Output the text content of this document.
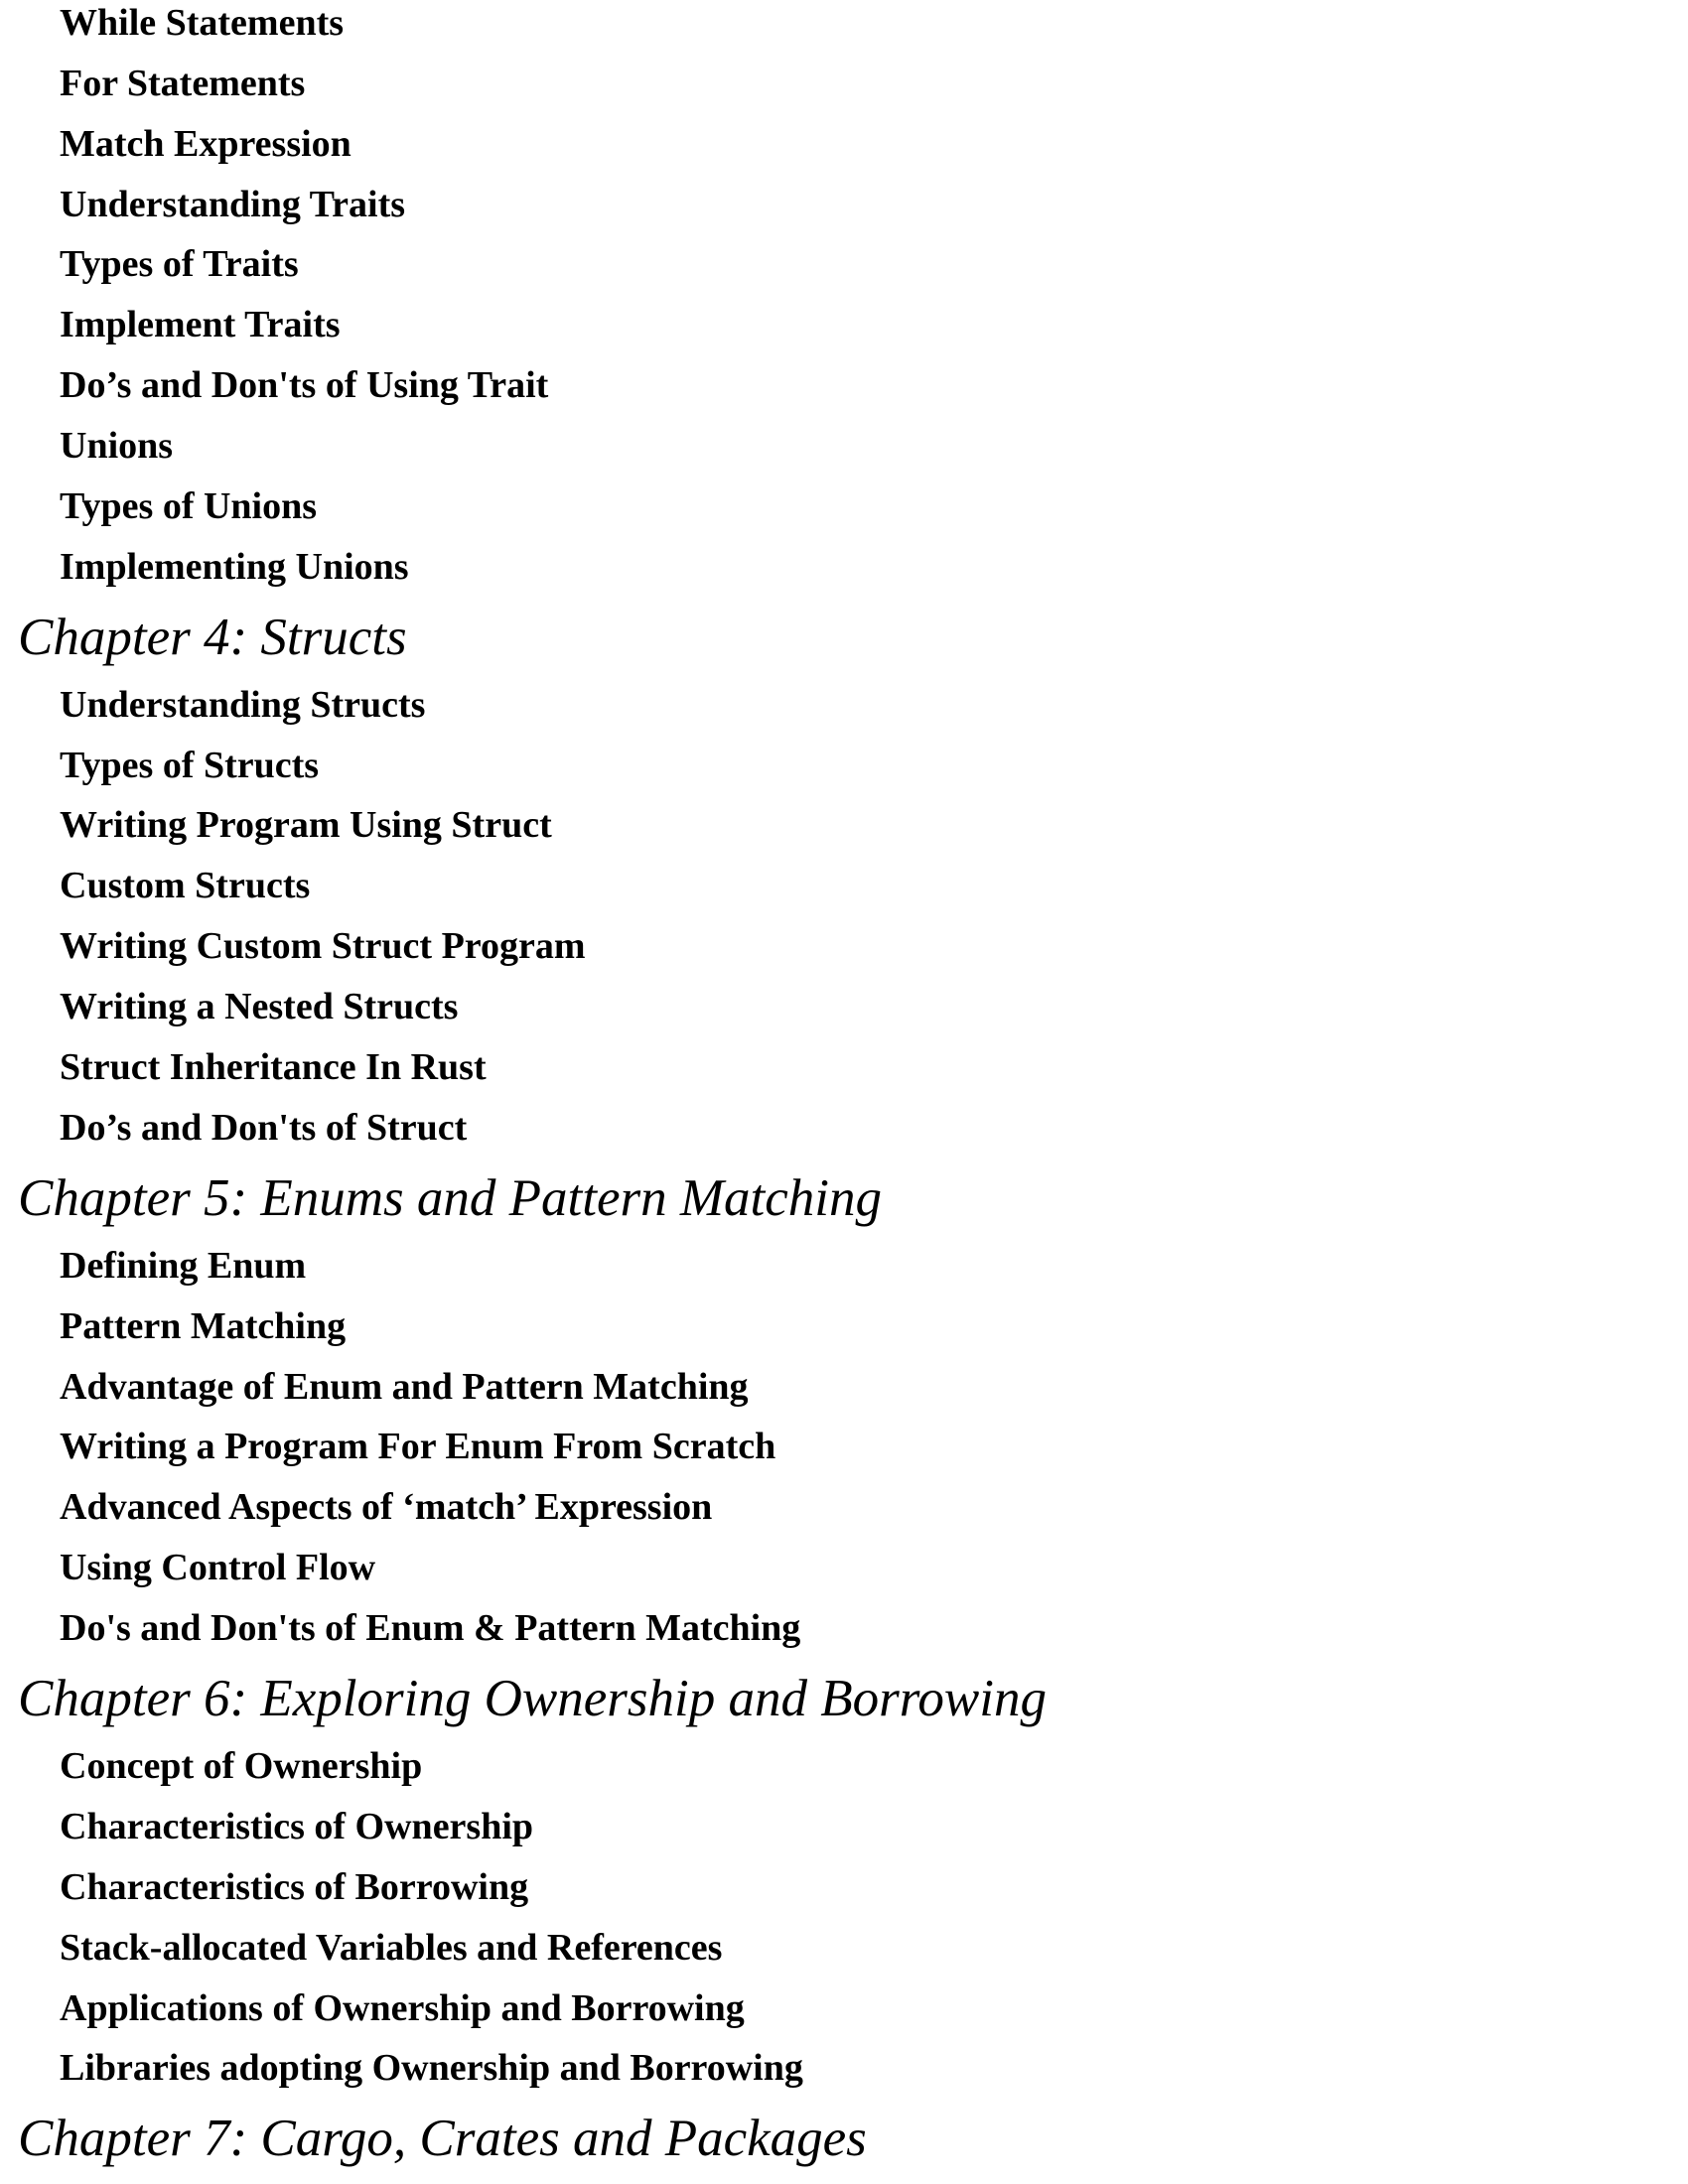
While Statements
For Statements
Match Expression
Understanding Traits
Types of Traits
Implement Traits
Do’s and Don'ts of Using Trait
Unions
Types of Unions
Implementing Unions
Chapter 4: Structs
Understanding Structs
Types of Structs
Writing Program Using Struct
Custom Structs
Writing Custom Struct Program
Writing a Nested Structs
Struct Inheritance In Rust
Do’s and Don'ts of Struct
Chapter 5: Enums and Pattern Matching
Defining Enum
Pattern Matching
Advantage of Enum and Pattern Matching
Writing a Program For Enum From Scratch
Advanced Aspects of ‘match’ Expression
Using Control Flow
Do's and Don'ts of Enum & Pattern Matching
Chapter 6: Exploring Ownership and Borrowing
Concept of Ownership
Characteristics of Ownership
Characteristics of Borrowing
Stack-allocated Variables and References
Applications of Ownership and Borrowing
Libraries adopting Ownership and Borrowing
Chapter 7: Cargo, Crates and Packages
